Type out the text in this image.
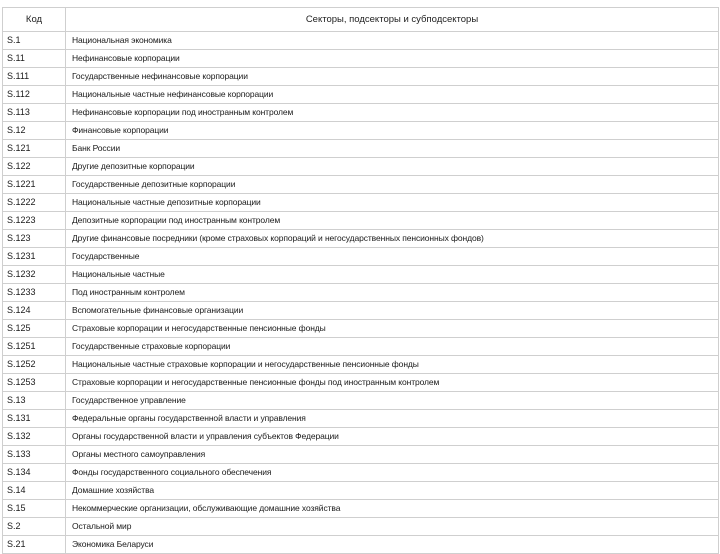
Код	Секторы, подсекторы и субподсекторы
S.1	Национальная экономика
S.11	Нефинансовые корпорации
S.111	Государственные нефинансовые корпорации
S.112	Национальные частные нефинансовые корпорации
S.113	Нефинансовые корпорации под иностранным контролем
S.12	Финансовые корпорации
S.121	Банк России
S.122	Другие депозитные корпорации
S.1221	Государственные депозитные корпорации
S.1222	Национальные частные депозитные корпорации
S.1223	Депозитные корпорации под иностранным контролем
S.123	Другие финансовые посредники (кроме страховых корпораций и негосударственных пенсионных фондов)
S.1231	Государственные
S.1232	Национальные частные
S.1233	Под иностранным контролем
S.124	Вспомогательные финансовые организации
S.125	Страховые корпорации и негосударственные пенсионные фонды
S.1251	Государственные страховые корпорации
S.1252	Национальные частные страховые корпорации и негосударственные пенсионные фонды
S.1253	Страховые корпорации и негосударственные пенсионные фонды под иностранным контролем
S.13	Государственное управление
S.131	Федеральные органы государственной власти и управления
S.132	Органы государственной власти и управления субъектов Федерации
S.133	Органы местного самоуправления
S.134	Фонды государственного социального обеспечения
S.14	Домашние хозяйства
S.15	Некоммерческие организации, обслуживающие домашние хозяйства
S.2	Остальной мир
S.21	Экономика Беларуси
